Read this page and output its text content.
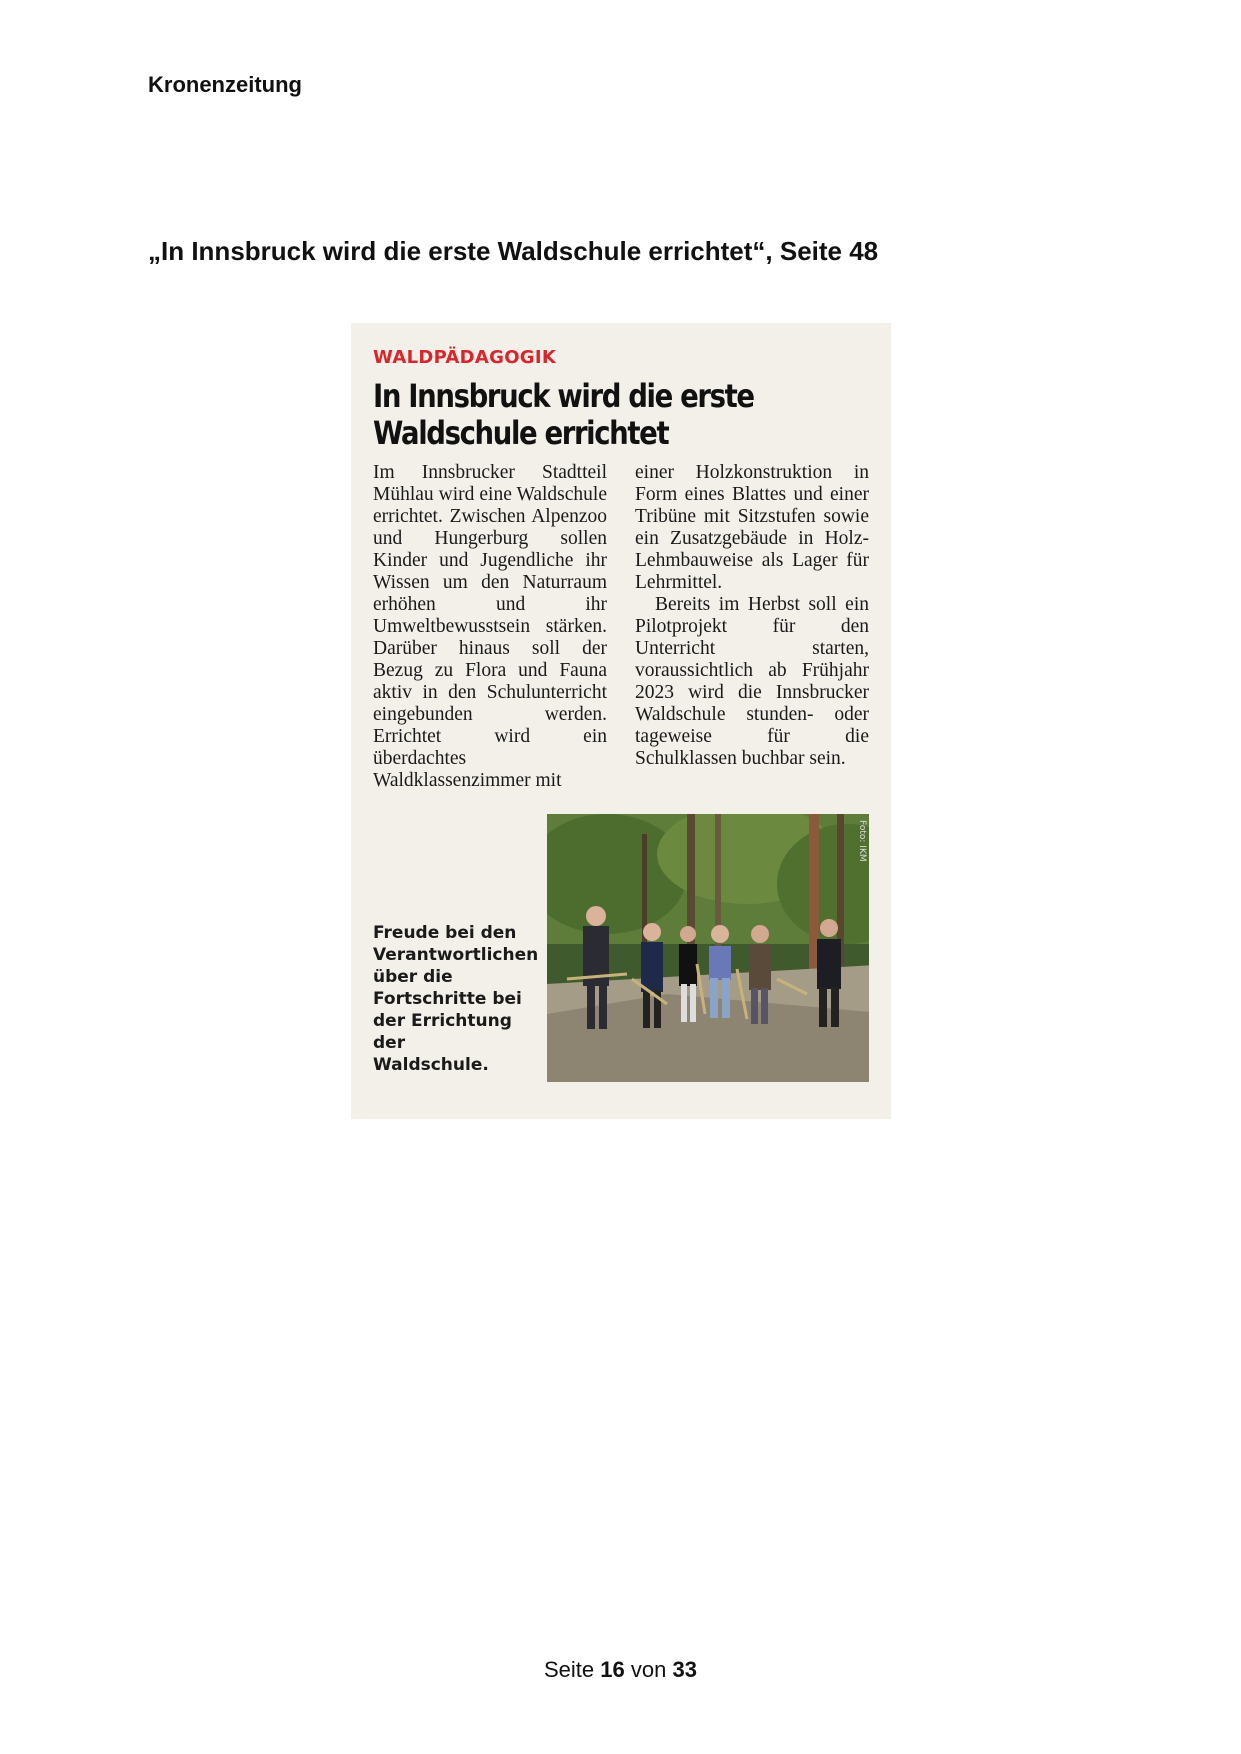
Kronenzeitung
„In Innsbruck wird die erste Waldschule errichtet“, Seite 48
WALDPÄDAGOGIK
In Innsbruck wird die erste
Waldschule errichtet

Im Innsbrucker Stadtteil Mühlau wird eine Waldschule errichtet. Zwischen Alpenzoo und Hungerburg sollen Kinder und Jugendliche ihr Wissen um den Naturraum erhöhen und ihr Umweltbewusstsein stärken. Darüber hinaus soll der Bezug zu Flora und Fauna aktiv in den Schulunterricht eingebunden werden. Errichtet wird ein überdachtes Waldklassenzimmer mit

einer Holzkonstruktion in Form eines Blattes und einer Tribüne mit Sitzstufen sowie ein Zusatzgebäude in Holz-Lehmbauweise als Lager für Lehrmittel.

Bereits im Herbst soll ein Pilotprojekt für den Unterricht starten, voraussichtlich ab Frühjahr 2023 wird die Innsbrucker Waldschule stunden- oder tageweise für die Schulklassen buchbar sein.

Freude bei den Verantwortlichen über die Fortschritte bei der Errichtung der Waldschule.
Foto: IKM
Seite 16 von 33
